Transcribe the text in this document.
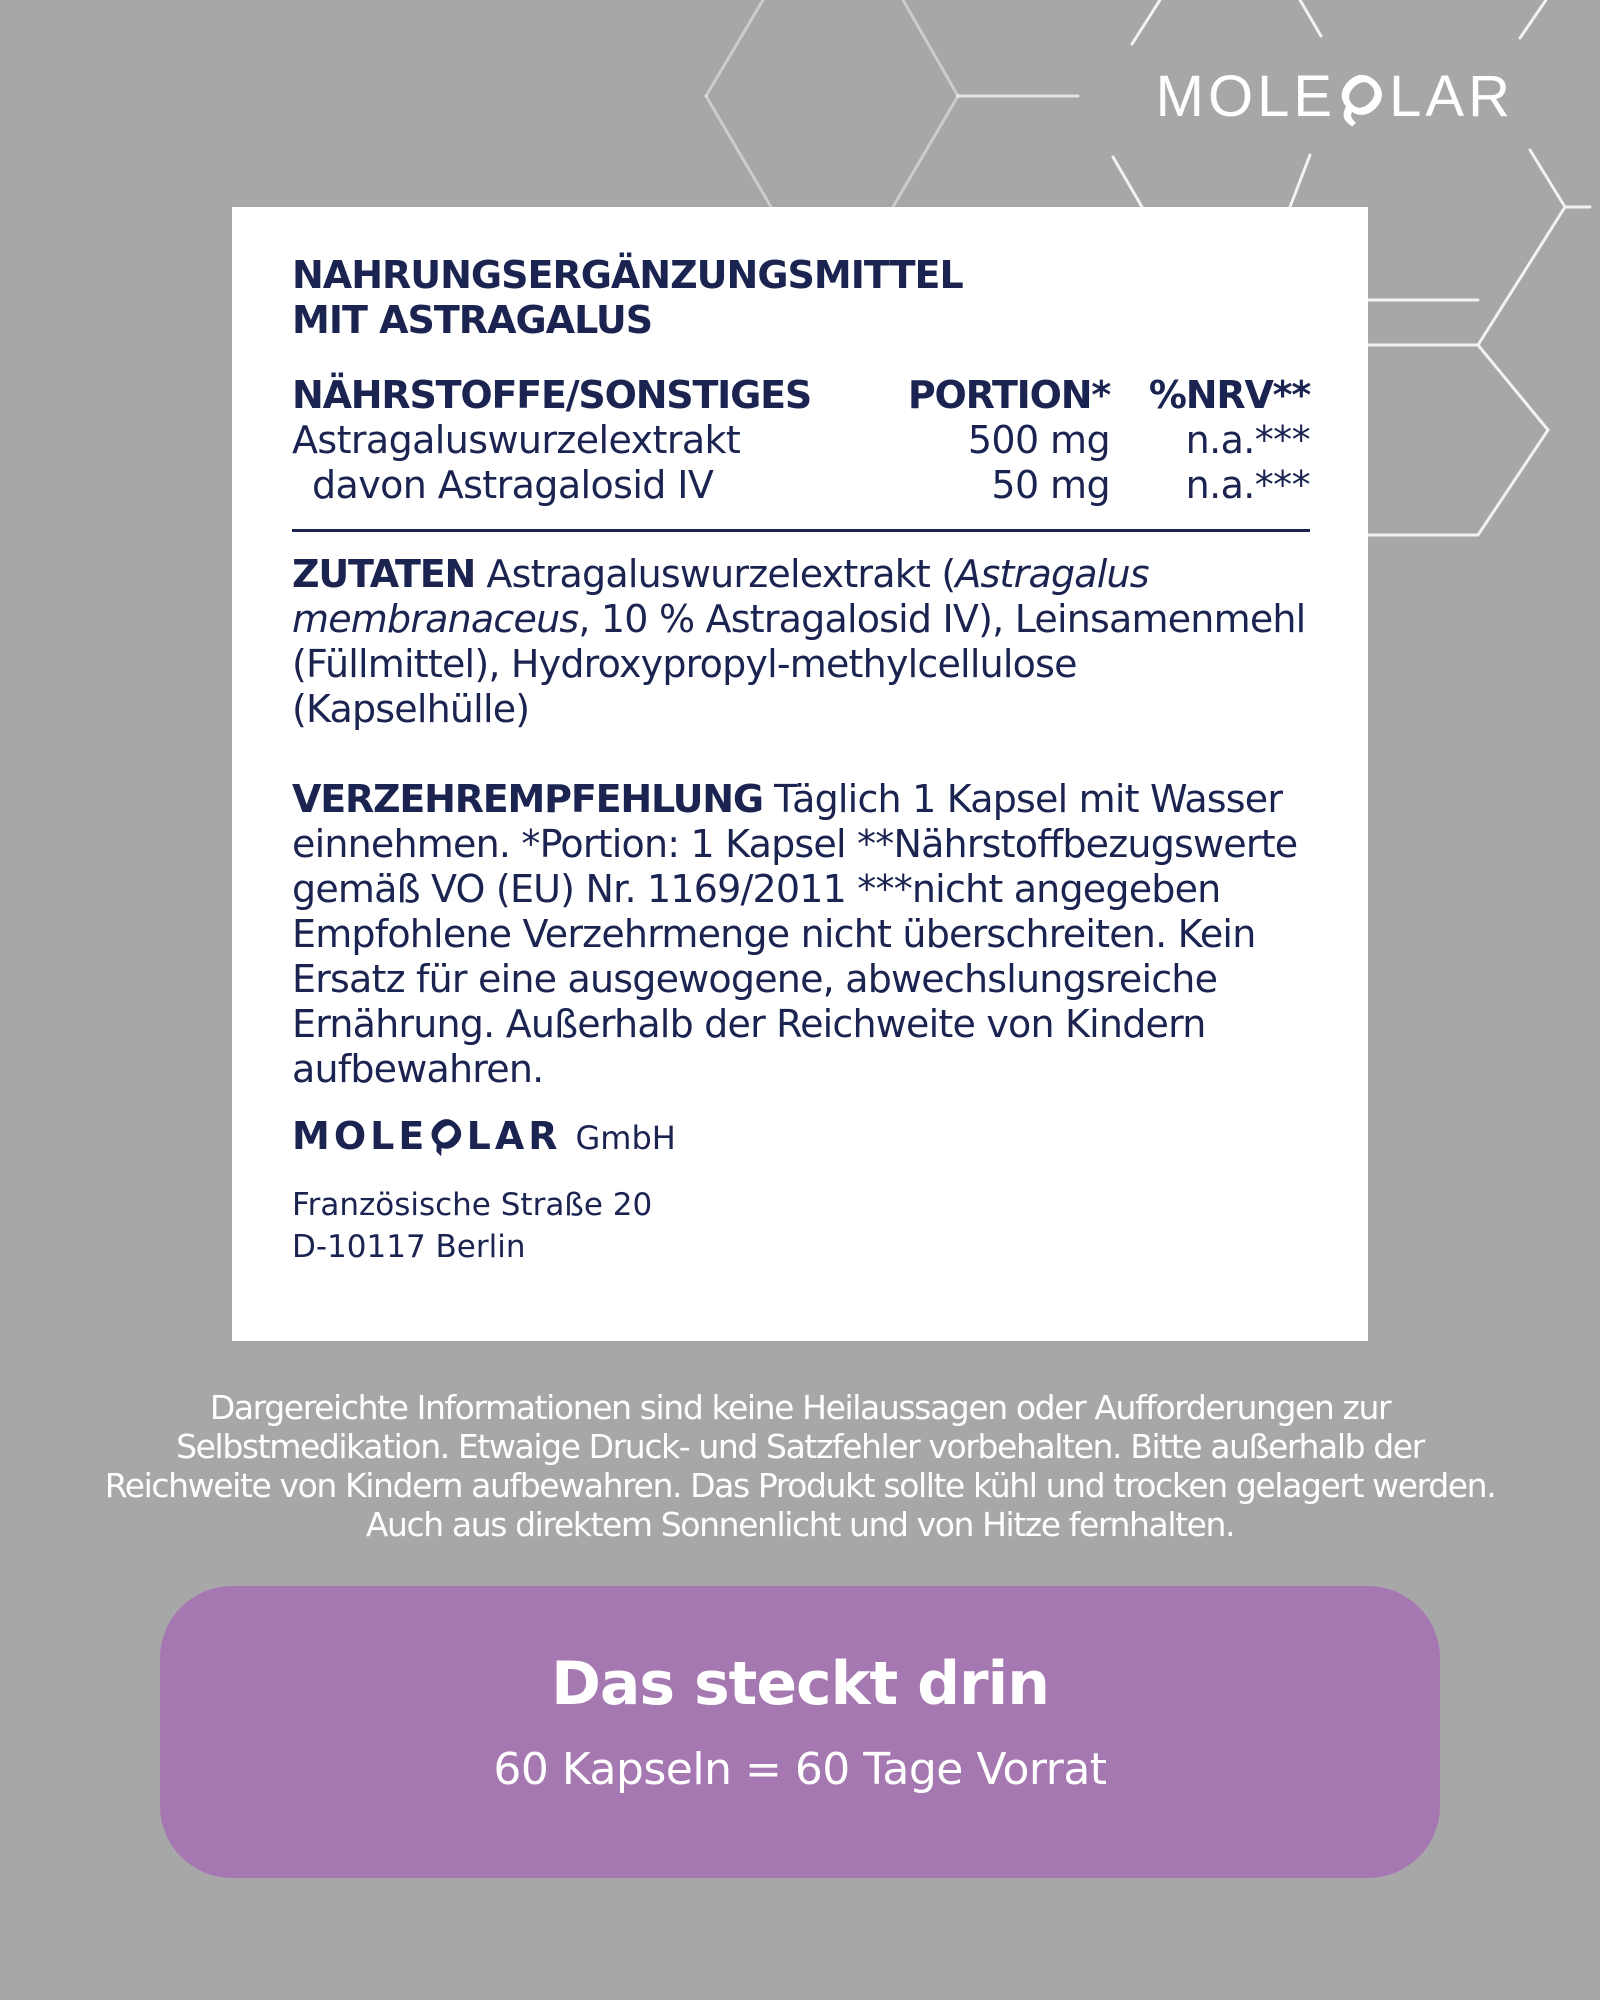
MOLE
Q
LAR
NAHRUNGSERGÄNZUNGSMITTEL
MIT ASTRAGALUS
NÄHRSTOFFE/SONSTIGES	PORTION*	%NRV**
Astragaluswurzelextrakt	500 mg	n.a.***
davon Astragalosid IV	50 mg	n.a.***

ZUTATEN Astragaluswurzelextrakt (Astragalus membranaceus, 10 % Astragalosid IV), Leinsamenmehl (Füllmittel), Hydroxypropyl-methylcellulose (Kapselhülle)

VERZEHREMPFEHLUNG Täglich 1 Kapsel mit Wasser einnehmen. *Portion: 1 Kapsel **Nährstoffbezugswerte gemäß VO (EU) Nr. 1169/2011 ***nicht angegeben

Empfohlene Verzehrmenge nicht überschreiten. Kein Ersatz für eine ausgewogene, abwechslungsreiche Ernährung. Außerhalb der Reichweite von Kindern aufbewahren.

MOLE
Q
LAR GmbH
Französische Straße 20
D-10117 Berlin

Dargereichte Informationen sind keine Heilaussagen oder Aufforderungen zur Selbstmedikation. Etwaige Druck- und Satzfehler vorbehalten. Bitte außerhalb der Reichweite von Kindern aufbewahren. Das Produkt sollte kühl und trocken gelagert werden. Auch aus direktem Sonnenlicht und von Hitze fernhalten.

Das steckt drin

60 Kapseln = 60 Tage Vorrat
